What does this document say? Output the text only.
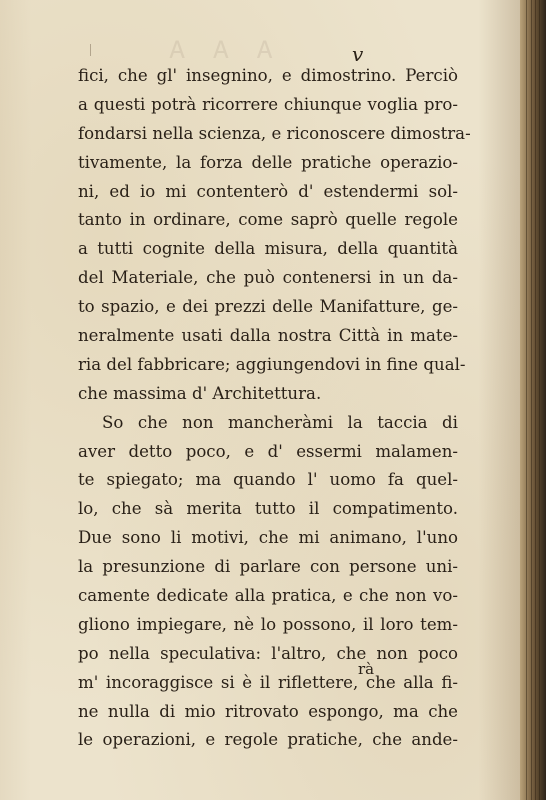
Ꭺ Ꭺ Ꭺ	v
fici, che gl' insegnino, e dimostrino. Perciò
a questi potrà ricorrere chiunque voglia pro-
fondarsi nella scienza, e riconoscere dimostra-
tivamente, la forza delle pratiche operazio-
ni, ed io mi contenterò d' estendermi sol-
tanto in ordinare, come saprò quelle regole
a tutti cognite della misura, della quantità
del Materiale, che può contenersi in un da-
to spazio, e dei prezzi delle Manifatture, ge-
neralmente usati dalla nostra Città in mate-
ria del fabbricare; aggiungendovi in fine qual-
che massima d' Architettura.
So che non mancheràmi la taccia di
aver detto poco, e d' essermi malamen-
te spiegato; ma quando l' uomo fa quel-
lo, che sà merita tutto il compatimento.
Due sono li motivi, che mi animano, l'uno
la presunzione di parlare con persone uni-
camente dedicate alla pratica, e che non vo-
gliono impiegare, nè lo possono, il loro tem-
po nella speculativa: l'altro, che non poco
m' incoraggisce si è il riflettere, che alla fi-
ne nulla di mio ritrovato espongo, ma che
le operazioni, e regole pratiche, che ande-
rà
